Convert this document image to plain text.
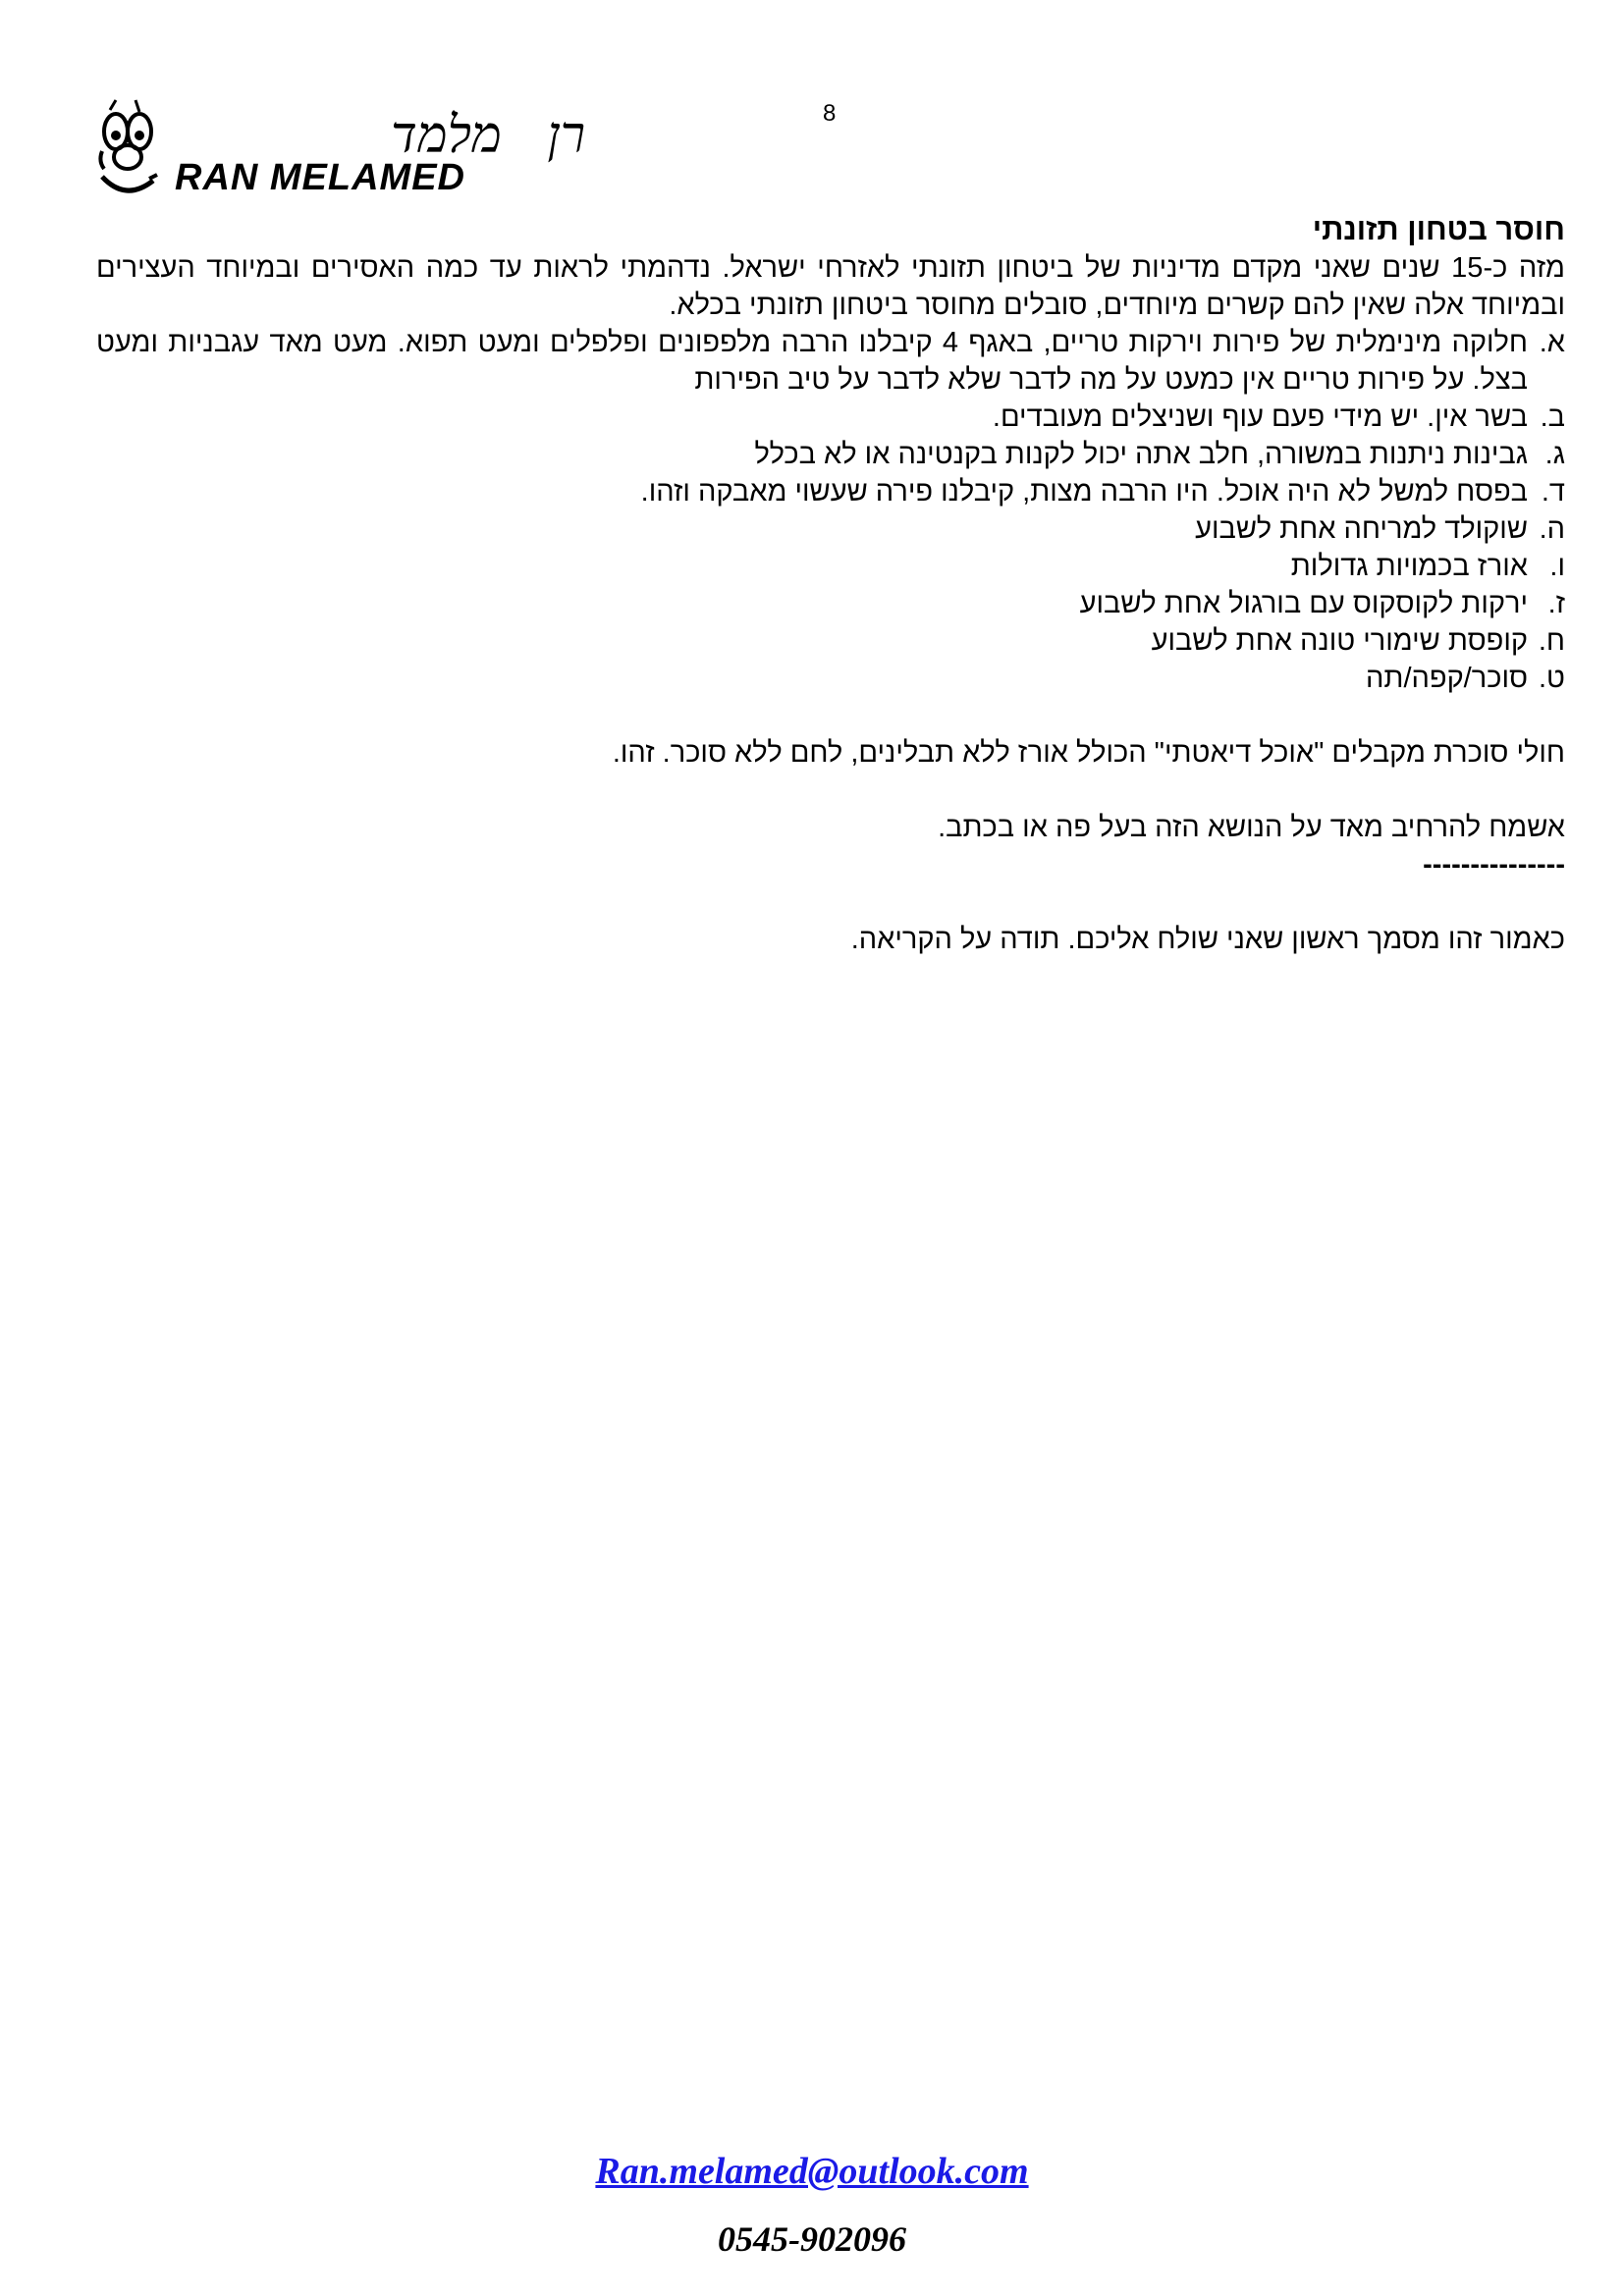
8
רן מלמד
RAN MELAMED
חוסר בטחון תזונתי

מזה כ-15 שנים שאני מקדם מדיניות של ביטחון תזונתי לאזרחי ישראל. נדהמתי לראות עד כמה האסירים ובמיוחד העצירים ובמיוחד אלה שאין להם קשרים מיוחדים, סובלים מחוסר ביטחון תזונתי בכלא.

א.
חלוקה מינימלית של פירות וירקות טריים, באגף 4 קיבלנו הרבה מלפפונים ופלפלים ומעט תפוא. מעט מאד עגבניות ומעט בצל. על פירות טריים אין כמעט על מה לדבר שלא לדבר על טיב הפירות
ב.
בשר אין. יש מידי פעם עוף ושניצלים מעובדים.
ג.
גבינות ניתנות במשורה, חלב אתה יכול לקנות בקנטינה או לא בכלל
ד.
בפסח למשל לא היה אוכל. היו הרבה מצות, קיבלנו פירה שעשוי מאבקה וזהו.
ה.
שוקולד למריחה אחת לשבוע
ו.
אורז בכמויות גדולות
ז.
ירקות לקוסקוס עם בורגול אחת לשבוע
ח.
קופסת שימורי טונה אחת לשבוע
ט.
סוכר/קפה/תה

חולי סוכרת מקבלים "אוכל דיאטתי" הכולל אורז ללא תבלינים, לחם ללא סוכר. זהו.

אשמח להרחיב מאד על הנושא הזה בעל פה או בכתב.

---------------

כאמור זהו מסמך ראשון שאני שולח אליכם. תודה על הקריאה.

Ran.melamed@outlook.com
0545-902096
